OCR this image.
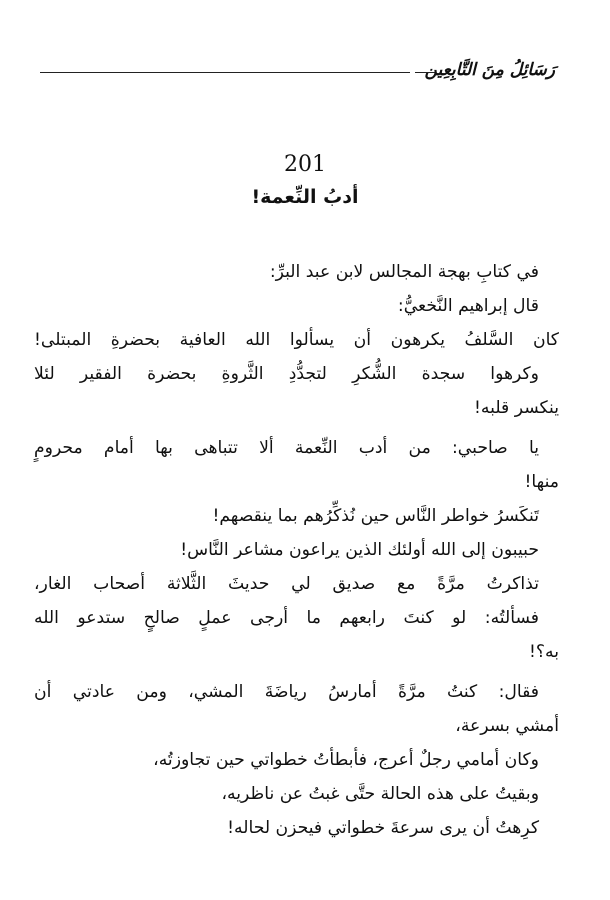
رَسَائِلُ مِنَ التَّابِعِين
201
أدبُ النِّعمة!
في كتابِ بهجة المجالس لابن عبد البرِّ:
قال إبراهيم النَّخعيُّ:
كان السَّلفُ يكرهون أن يسألوا الله العافية بحضرةِ المبتلى!
وكرهوا سجدة الشُّكرِ لتجدُّدِ الثَّروةِ بحضرة الفقير لئلا
ينكسر قلبه!
يا صاحبي: من أدب النِّعمة ألا تتباهى بها أمام محرومٍ
منها!
تَنكَسرُ خواطر النَّاس حين نُذكِّرُهم بما ينقصهم!
حبيبون إلى الله أولئك الذين يراعون مشاعر النَّاس!
تذاكرتُ مرَّةً مع صديق لي حديثَ الثَّلاثة أصحاب الغار،
فسألتُه: لو كنتَ رابعهم ما أرجى عملٍ صالحٍ ستدعو الله
به؟!
فقال: كنتُ مرَّةً أمارسُ رياضَةَ المشي، ومن عادتي أن
أمشي بسرعة،
وكان أمامي رجلٌ أعرج، فأبطأتُ خطواتي حين تجاوزتُه،
وبقيتُ على هذه الحالة حتَّى غبتُ عن ناظريه،
كرِهتُ أن يرى سرعةَ خطواتي فيحزن لحاله!
